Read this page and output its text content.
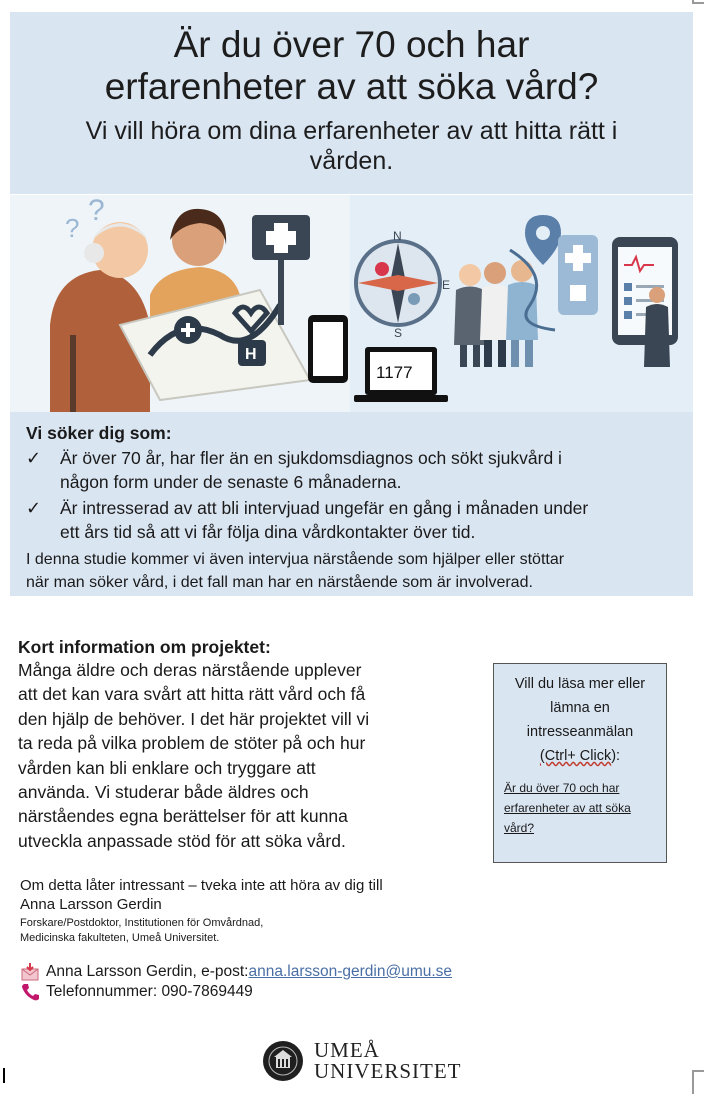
Är du över 70 och har
erfarenheter av att söka vård?
Vi vill höra om dina erfarenheter av att hitta rätt i
vården.
?
?
H
1177
N
S
E
Vi söker dig som:
✓	Är över 70 år, har fler än en sjukdomsdiagnos och sökt sjukvård i
någon form under de senaste 6 månaderna.
✓	Är intresserad av att bli intervjuad ungefär en gång i månaden under
ett års tid så att vi får följa dina vårdkontakter över tid.
I denna studie kommer vi även intervjua närstående som hjälper eller stöttar
när man söker vård, i det fall man har en närstående som är involverad.
Kort information om projektet:
Många äldre och deras närstående upplever
att det kan vara svårt att hitta rätt vård och få
den hjälp de behöver. I det här projektet vill vi
ta reda på vilka problem de stöter på och hur
vården kan bli enklare och tryggare att
använda. Vi studerar både äldres och
närståendes egna berättelser för att kunna
utveckla anpassade stöd för att söka vård.
Vill du läsa mer eller
lämna en
intresseanmälan
(Ctrl+ Click):
Är du över 70 och har
erfarenheter av att söka
vård?
Om detta låter intressant – tveka inte att höra av dig till
Anna Larsson Gerdin
Forskare/Postdoktor, Institutionen för Omvårdnad,
Medicinska fakulteten, Umeå Universitet.
Anna Larsson Gerdin, e-post: anna.larsson-gerdin@umu.se
Telefonnummer: 090-7869449
UMEÅ
UNIVERSITET
